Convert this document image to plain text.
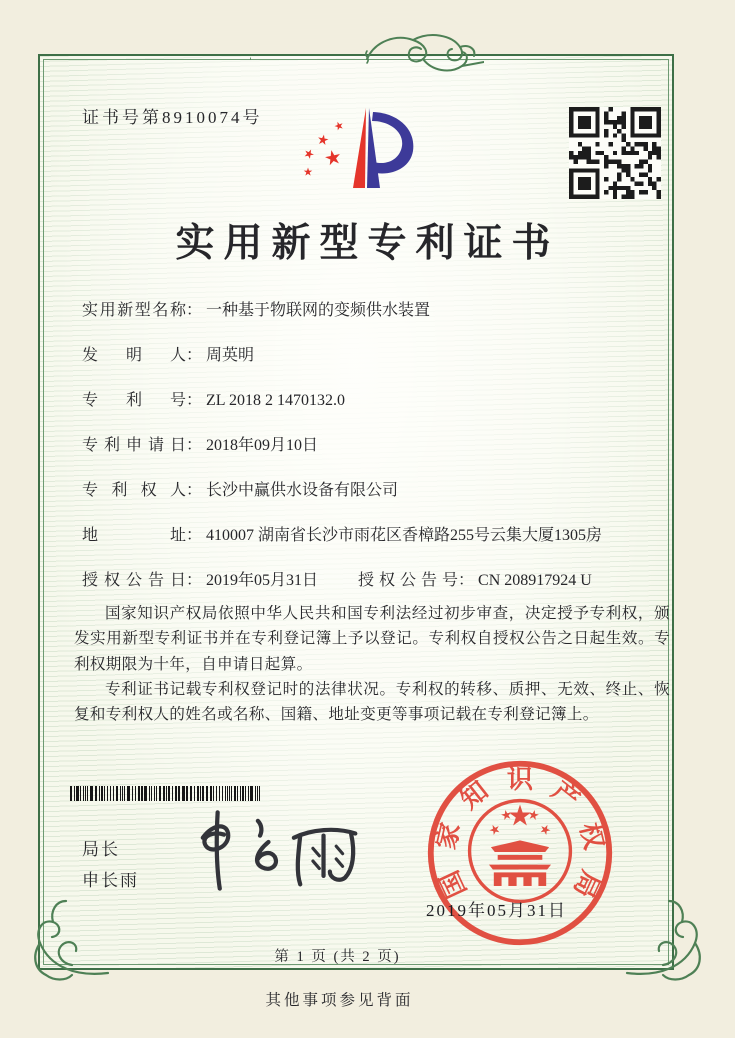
证书号第8910074号
实用新型专利证书
实用新型名称 ： 一种基于物联网的变频供水装置
发明人 ： 周英明
专利号 ： ZL 2018 2 1470132.0
专利申请日 ： 2018年09月10日
专利权人 ： 长沙中赢供水设备有限公司
地址 ： 410007 湖南省长沙市雨花区香樟路255号云集大厦1305房
授权公告日 ： 2019年05月31日	授权公告号 ： CN 208917924 U

国家知识产权局依照中华人民共和国专利法经过初步审查，决定授予专利权，颁发实用新型专利证书并在专利登记簿上予以登记。专利权自授权公告之日起生效。专利权期限为十年，自申请日起算。

专利证书记载专利权登记时的法律状况。专利权的转移、质押、无效、终止、恢复和专利权人的姓名或名称、国籍、地址变更等事项记载在专利登记簿上。

局长
申长雨	国
家
知 识 产
权
局
2019年05月31日
第 1 页 (共 2 页)
其他事项参见背面
